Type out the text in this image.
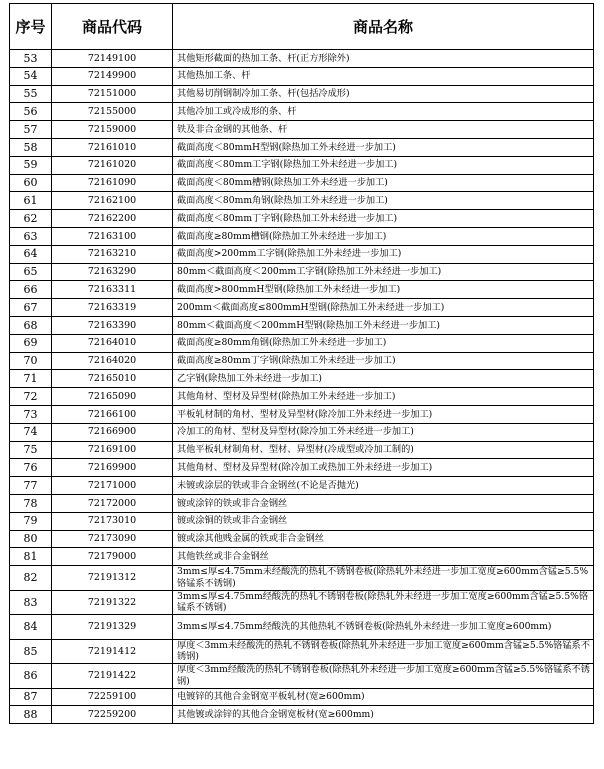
序号	商品代码	商品名称
53	72149100	其他矩形截面的热加工条、杆(正方形除外)
54	72149900	其他热加工条、杆
55	72151000	其他易切削钢制冷加工条、杆(包括冷成形)
56	72155000	其他冷加工或冷成形的条、杆
57	72159000	铁及非合金钢的其他条、杆
58	72161010	截面高度＜80mmH型钢(除热加工外未经进一步加工)
59	72161020	截面高度＜80mm工字钢(除热加工外未经进一步加工)
60	72161090	截面高度＜80mm槽钢(除热加工外未经进一步加工)
61	72162100	截面高度＜80mm角钢(除热加工外未经进一步加工)
62	72162200	截面高度＜80mm丁字钢(除热加工外未经进一步加工)
63	72163100	截面高度≥80mm槽钢(除热加工外未经进一步加工)
64	72163210	截面高度>200mm工字钢(除热加工外未经进一步加工)
65	72163290	80mm＜截面高度＜200mm工字钢(除热加工外未经进一步加工)
66	72163311	截面高度>800mmH型钢(除热加工外未经进一步加工)
67	72163319	200mm＜截面高度≤800mmH型钢(除热加工外未经进一步加工)
68	72163390	80mm＜截面高度＜200mmH型钢(除热加工外未经进一步加工)
69	72164010	截面高度≥80mm角钢(除热加工外未经进一步加工)
70	72164020	截面高度≥80mm丁字钢(除热加工外未经进一步加工)
71	72165010	乙字钢(除热加工外未经进一步加工)
72	72165090	其他角材、型材及异型材(除热加工外未经进一步加工)
73	72166100	平板轧材制的角材、型材及异型材(除冷加工外未经进一步加工)
74	72166900	冷加工的角材、型材及异型材(除冷加工外未经进一步加工)
75	72169100	其他平板轧材制角材、型材、异型材(冷成型或冷加工制的)
76	72169900	其他角材、型材及异型材(除冷加工或热加工外未经进一步加工)
77	72171000	未镀或涂层的铁或非合金钢丝(不论是否抛光)
78	72172000	镀或涂锌的铁或非合金钢丝
79	72173010	镀或涂铜的铁或非合金钢丝
80	72173090	镀或涂其他贱金属的铁或非合金钢丝
81	72179000	其他铁丝或非合金钢丝
82	72191312	3mm≤厚≤4.75mm未经酸洗的热轧不锈钢卷板(除热轧外未经进一步加工宽度≥600mm含锰≥5.5%铬锰系不锈钢)
83	72191322	3mm≤厚≤4.75mm经酸洗的热轧不锈钢卷板(除热轧外未经进一步加工宽度≥600mm含锰≥5.5%铬锰系不锈钢)
84	72191329	3mm≤厚≤4.75mm经酸洗的其他热轧不锈钢卷板(除热轧外未经进一步加工宽度≥600mm)
85	72191412	厚度＜3mm未经酸洗的热轧不锈钢卷板(除热轧外未经进一步加工宽度≥600mm含锰≥5.5%铬锰系不锈钢)
86	72191422	厚度＜3mm经酸洗的热轧不锈钢卷板(除热轧外未经进一步加工宽度≥600mm含锰≥5.5%铬锰系不锈钢)
87	72259100	电镀锌的其他合金钢宽平板轧材(宽≥600mm)
88	72259200	其他镀或涂锌的其他合金钢宽板材(宽≥600mm)
